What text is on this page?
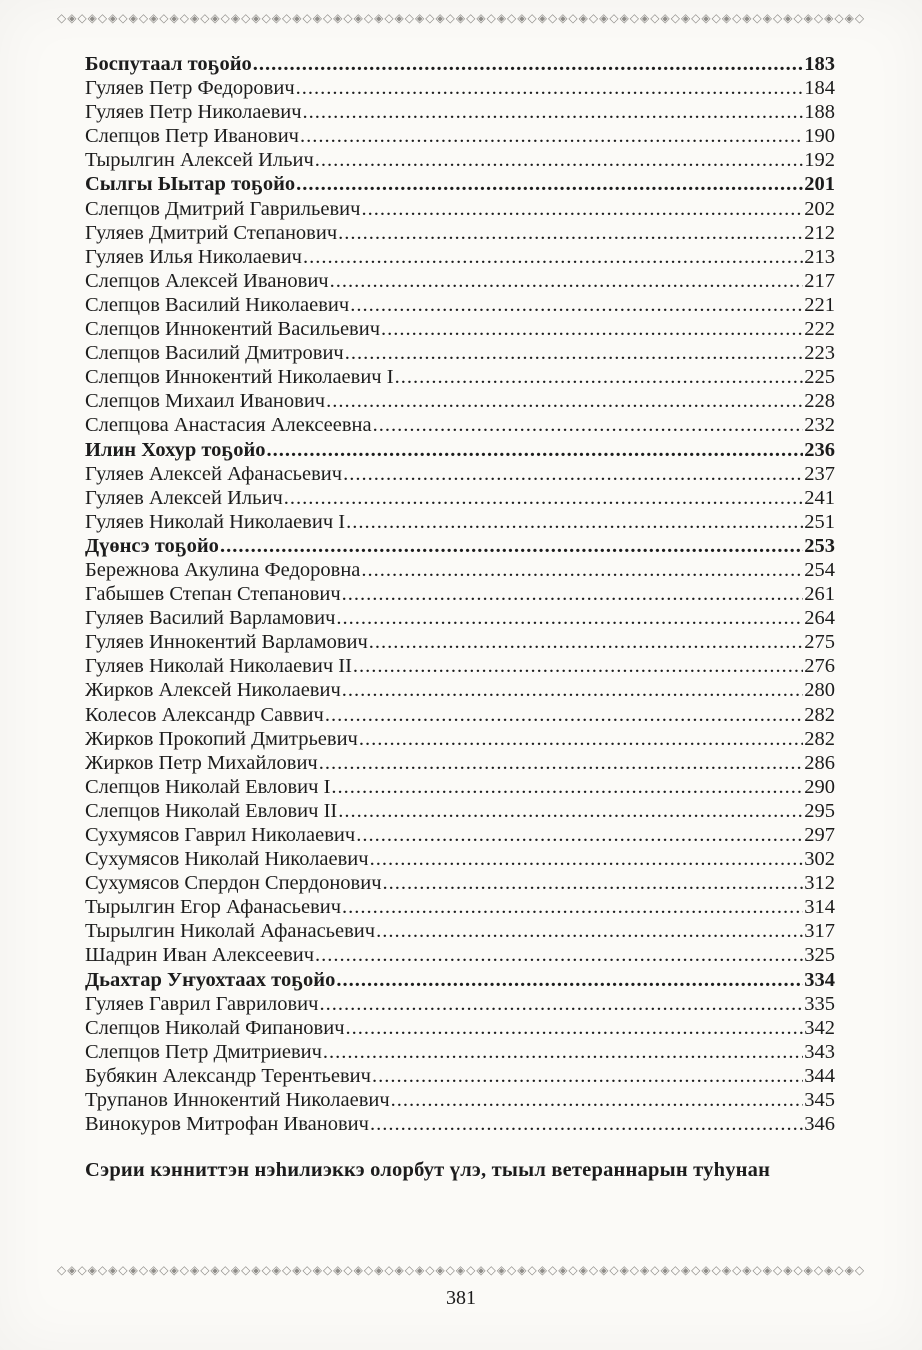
◇◈◇◈◇◈◇◈◇◈◇◈◇◈◇◈◇◈◇◈◇◈◇◈◇◈◇◈◇◈◇◈◇◈◇◈◇◈◇◈◇◈◇◈◇◈◇◈◇◈◇◈◇◈◇◈◇◈◇◈◇◈◇◈◇◈◇◈◇◈◇◈◇◈◇◈◇◈◇◈◇◈◇◈◇◈◇◈◇◈◇◈◇◈◇◈◇◈◇◈◇◈◇◈◇◈◇◈◇◈◇◈
Боспутаал тоҕойо .....	183
Гуляев Петр Федорович .....	184
Гуляев Петр Николаевич .....	188
Слепцов Петр Иванович .....	190
Тырылгин Алексей Ильич .....	192
Сылгы Ыытар тоҕойо .....	201
Слепцов Дмитрий Гаврильевич .....	202
Гуляев Дмитрий Степанович .....	212
Гуляев Илья Николаевич .....	213
Слепцов Алексей Иванович .....	217
Слепцов Василий Николаевич .....	221
Слепцов Иннокентий Васильевич .....	222
Слепцов Василий Дмитрович .....	223
Слепцов Иннокентий Николаевич I .....	225
Слепцов Михаил Иванович .....	228
Слепцова Анастасия Алексеевна .....	232
Илин Хохур тоҕойо .....	236
Гуляев Алексей Афанасьевич .....	237
Гуляев Алексей Ильич .....	241
Гуляев Николай Николаевич I .....	251
Дүөнсэ тоҕойо .....	253
Бережнова Акулина Федоровна .....	254
Габышев Степан Степанович .....	261
Гуляев Василий Варламович .....	264
Гуляев Иннокентий Варламович .....	275
Гуляев Николай Николаевич II .....	276
Жирков Алексей Николаевич .....	280
Колесов Александр Саввич .....	282
Жирков Прокопий Дмитрьевич .....	282
Жирков Петр Михайлович .....	286
Слепцов Николай Евлович I .....	290
Слепцов Николай Евлович II .....	295
Сухумясов Гаврил Николаевич .....	297
Сухумясов Николай Николаевич .....	302
Сухумясов Спердон Спердонович .....	312
Тырылгин Егор Афанасьевич .....	314
Тырылгин Николай Афанасьевич .....	317
Шадрин Иван Алексеевич .....	325
Дьахтар Уҥуохтаах тоҕойо .....	334
Гуляев Гаврил Гаврилович .....	335
Слепцов Николай Фипанович .....	342
Слепцов Петр Дмитриевич .....	343
Бубякин Александр Терентьевич .....	344
Трупанов Иннокентий Николаевич .....	345
Винокуров Митрофан Иванович .....	346

Сэрии кэнниттэн нэһилиэккэ олорбут үлэ, тыыл ветераннарын туһунан

◇◈◇◈◇◈◇◈◇◈◇◈◇◈◇◈◇◈◇◈◇◈◇◈◇◈◇◈◇◈◇◈◇◈◇◈◇◈◇◈◇◈◇◈◇◈◇◈◇◈◇◈◇◈◇◈◇◈◇◈◇◈◇◈◇◈◇◈◇◈◇◈◇◈◇◈◇◈◇◈◇◈◇◈◇◈◇◈◇◈◇◈◇◈◇◈◇◈◇◈◇◈◇◈◇◈◇◈◇◈◇◈
381
